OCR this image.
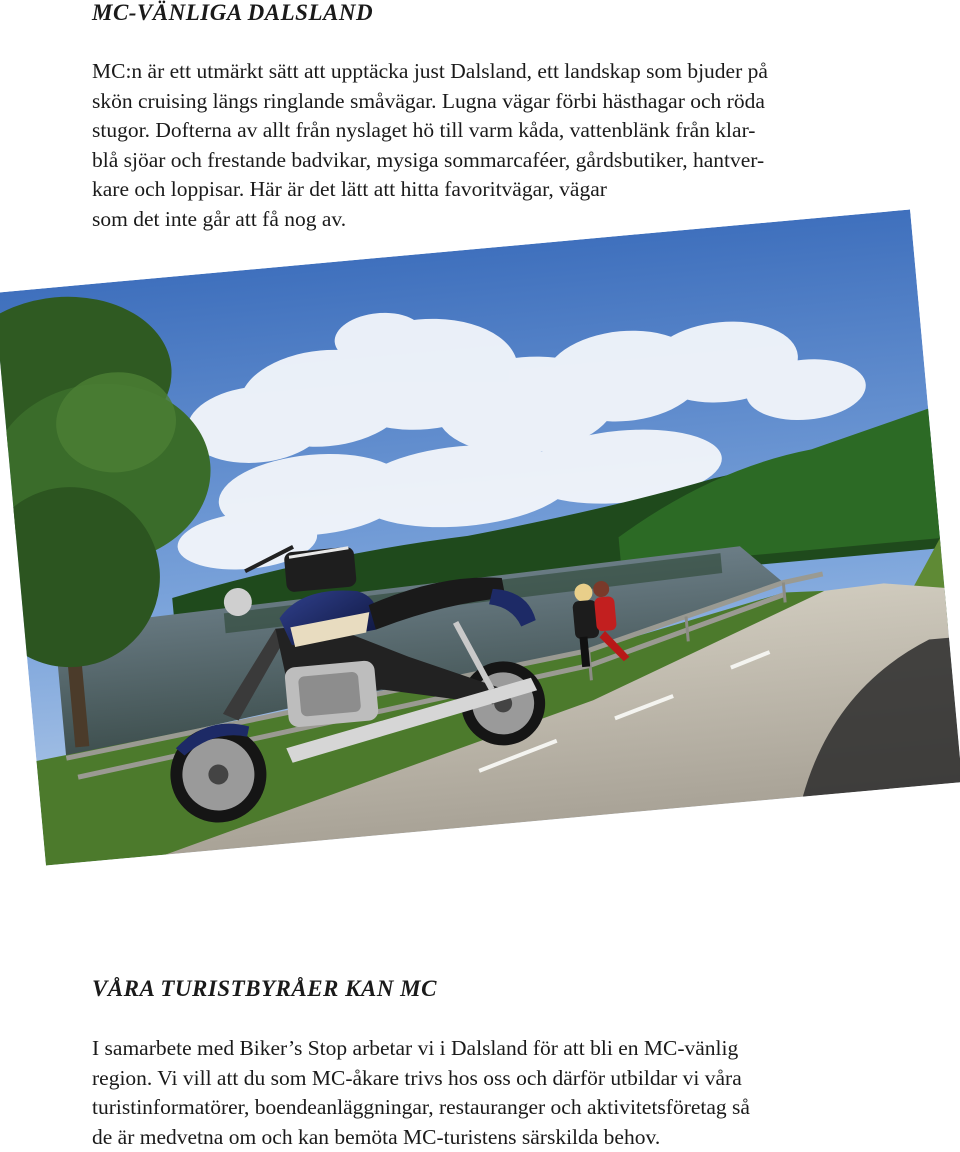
MC-VÄNLIGA DALSLAND
MC:n är ett utmärkt sätt att upptäcka just Dalsland, ett landskap som bjuder på
skön cruising längs ringlande småvägar. Lugna vägar förbi hästhagar och röda
stugor. Dofterna av allt från nyslaget hö till varm kåda, vattenblänk från klar-
blå sjöar och frestande badvikar, mysiga sommarcaféer, gårdsbutiker, hantver-
kare och loppisar. Här är det lätt att hitta favoritvägar, vägar
som det inte går att få nog av.
VÅRA TURISTBYRÅER KAN MC
I samarbete med Biker’s Stop arbetar vi i Dalsland för att bli en MC-vänlig
region. Vi vill att du som MC-åkare trivs hos oss och därför utbildar vi våra
turistinformatörer, boendeanläggningar, restauranger och aktivitetsföretag så
de är medvetna om och kan bemöta MC-turistens särskilda behov.
